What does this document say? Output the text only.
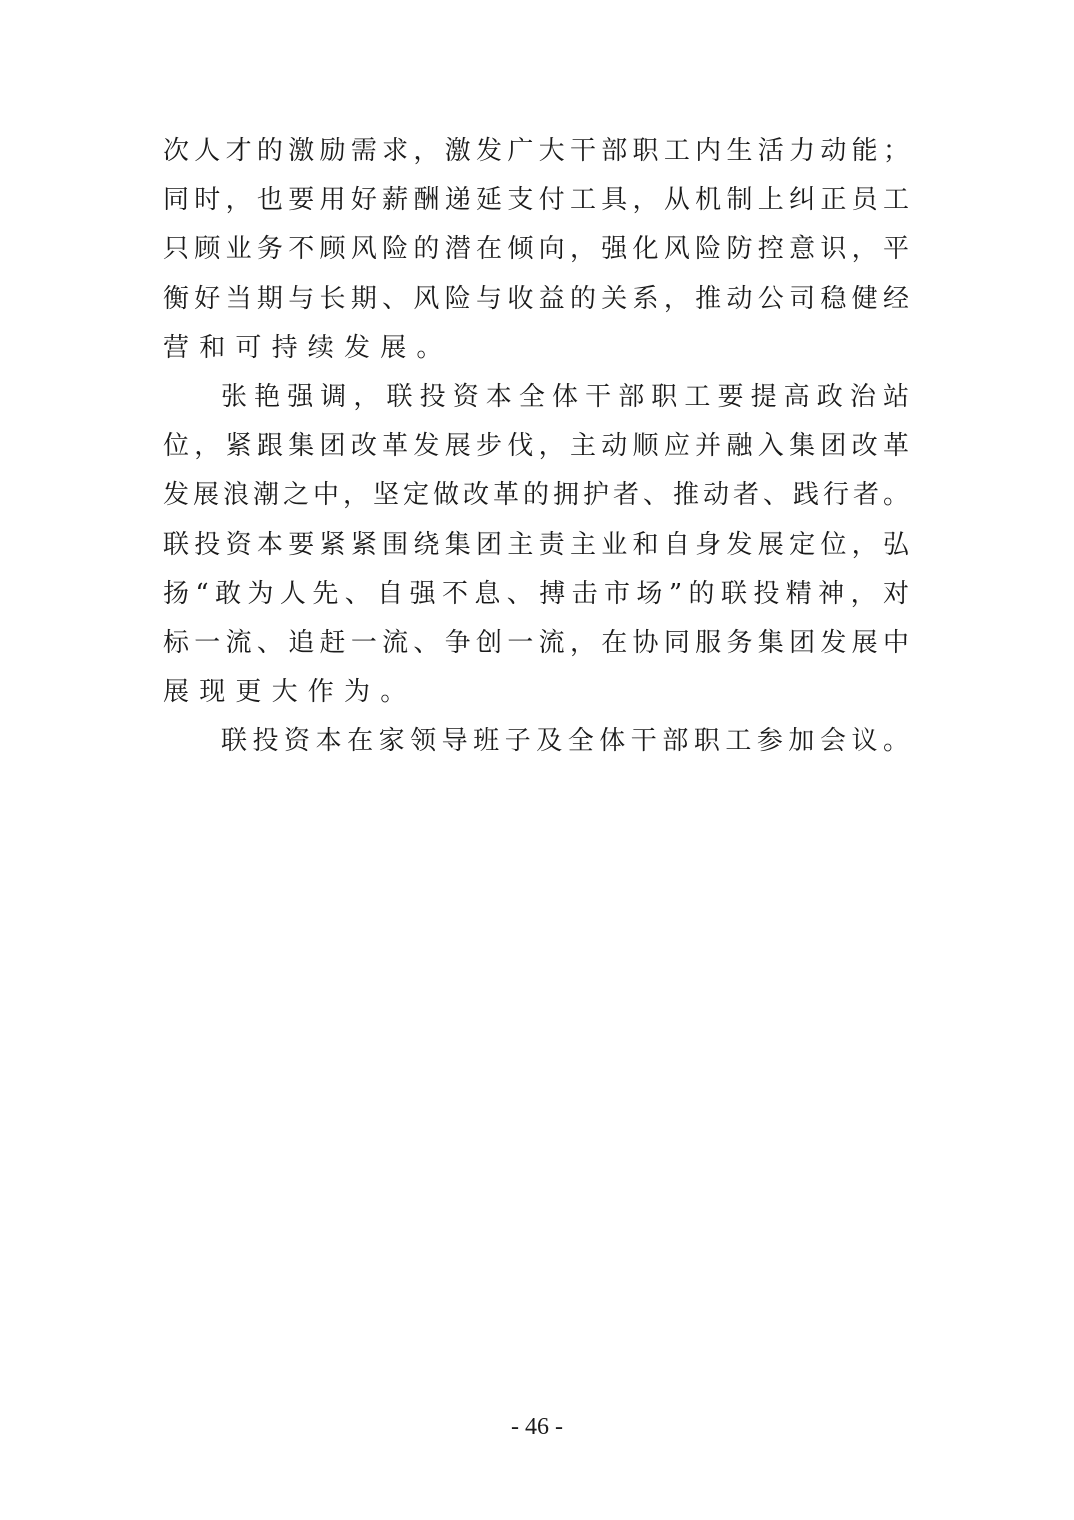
次人才的激励需求，激发广大干部职工内生活力动能；
同时，也要用好薪酬递延支付工具，从机制上纠正员工
只顾业务不顾风险的潜在倾向，强化风险防控意识，平
衡好当期与长期、风险与收益的关系，推动公司稳健经
营和可持续发展。
张艳强调，联投资本全体干部职工要提高政治站
位，紧跟集团改革发展步伐，主动顺应并融入集团改革
发展浪潮之中，坚定做改革的拥护者、推动者、践行者。
联投资本要紧紧围绕集团主责主业和自身发展定位，弘
扬“敢为人先、自强不息、搏击市场”的联投精神，对
标一流、追赶一流、争创一流，在协同服务集团发展中
展现更大作为。
联投资本在家领导班子及全体干部职工参加会议。
- 46 -
